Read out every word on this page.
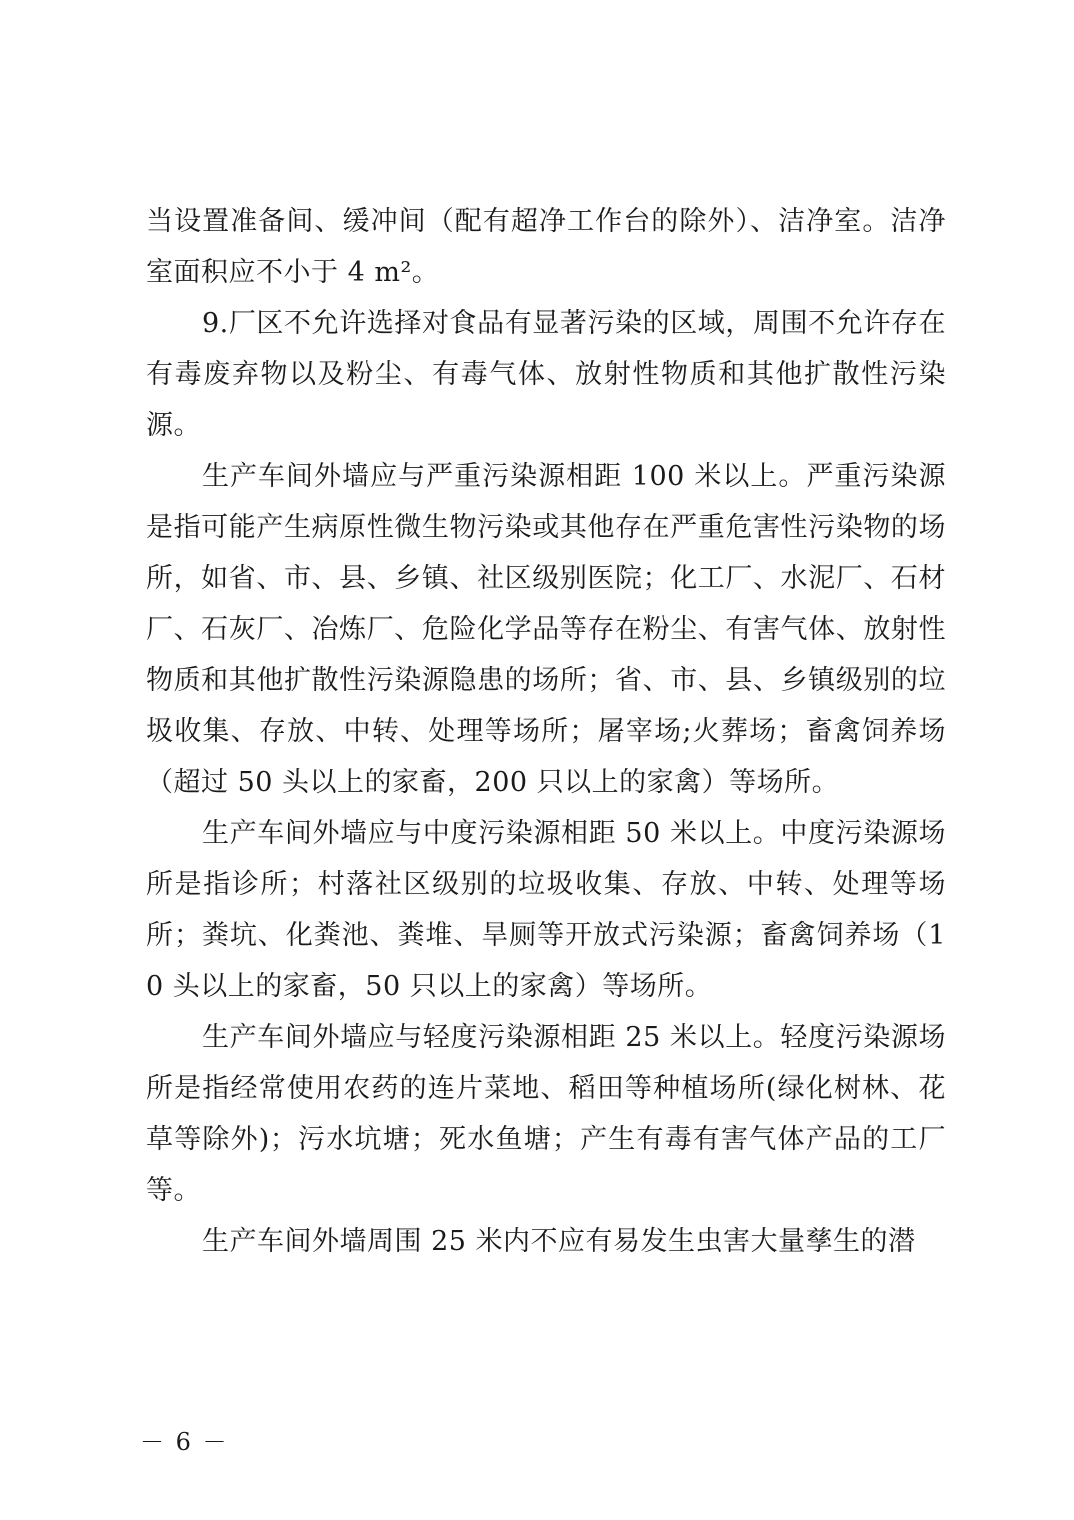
当设置准备间、缓冲间（配有超净工作台的除外）、洁净室。洁净室面积应不小于 4 m²。

9.厂区不允许选择对食品有显著污染的区域，周围不允许存在有毒废弃物以及粉尘、有毒气体、放射性物质和其他扩散性污染源。

生产车间外墙应与严重污染源相距 100 米以上。严重污染源是指可能产生病原性微生物污染或其他存在严重危害性污染物的场所，如省、市、县、乡镇、社区级别医院；化工厂、水泥厂、石材厂、石灰厂、冶炼厂、危险化学品等存在粉尘、有害气体、放射性物质和其他扩散性污染源隐患的场所；省、市、县、乡镇级别的垃圾收集、存放、中转、处理等场所；屠宰场;火葬场；畜禽饲养场（超过 50 头以上的家畜，200 只以上的家禽）等场所。

生产车间外墙应与中度污染源相距 50 米以上。中度污染源场所是指诊所；村落社区级别的垃圾收集、存放、中转、处理等场所；粪坑、化粪池、粪堆、旱厕等开放式污染源；畜禽饲养场（10 头以上的家畜，50 只以上的家禽）等场所。

生产车间外墙应与轻度污染源相距 25 米以上。轻度污染源场所是指经常使用农药的连片菜地、稻田等种植场所(绿化树林、花草等除外)；污水坑塘；死水鱼塘；产生有毒有害气体产品的工厂等。

生产车间外墙周围 25 米内不应有易发生虫害大量孳生的潜

－ 6 －
